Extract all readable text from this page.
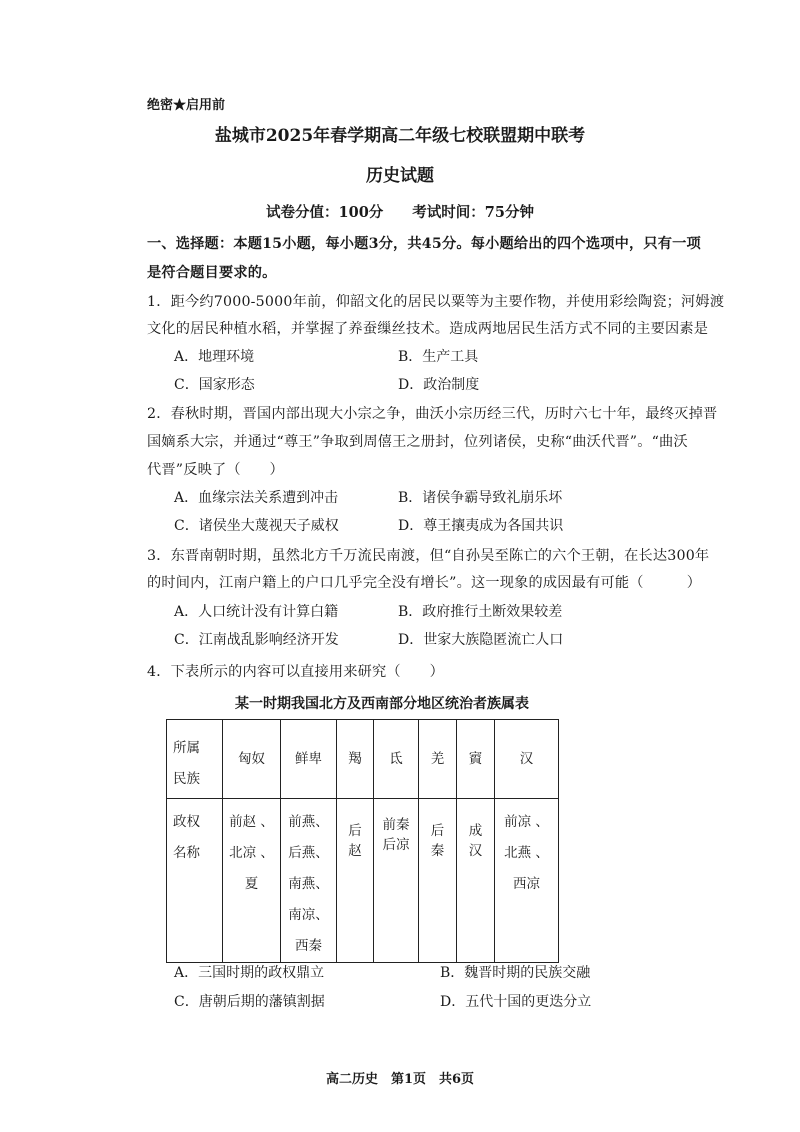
绝密★启用前
盐城市2025年春学期高二年级七校联盟期中联考
历史试题
试卷分值：100分　　考试时间：75分钟
一、选择题：本题15小题，每小题3分，共45分。每小题给出的四个选项中，只有一项
是符合题目要求的。
1．距今约7000-5000年前，仰韶文化的居民以粟等为主要作物，并使用彩绘陶瓷；河姆渡
文化的居民种植水稻，并掌握了养蚕缫丝技术。造成两地居民生活方式不同的主要因素是
A．地理环境	B．生产工具
C．国家形态	D．政治制度
2．春秋时期，晋国内部出现大小宗之争，曲沃小宗历经三代，历时六七十年，最终灭掉晋
国嫡系大宗，并通过“尊王”争取到周僖王之册封，位列诸侯，史称“曲沃代晋”。“曲沃
代晋”反映了（　　）
A．血缘宗法关系遭到冲击	B．诸侯争霸导致礼崩乐坏
C．诸侯坐大蔑视天子威权	D．尊王攘夷成为各国共识
3．东晋南朝时期，虽然北方千万流民南渡，但“自孙吴至陈亡的六个王朝，在长达300年
的时间内，江南户籍上的户口几乎完全没有增长”。这一现象的成因最有可能（　　　）
A．人口统计没有计算白籍	B．政府推行土断效果较差
C．江南战乱影响经济开发	D．世家大族隐匿流亡人口
4．下表所示的内容可以直接用来研究（　　）
某一时期我国北方及西南部分地区统治者族属表
所属
民族	匈奴	鲜卑	羯	氐	羌	賨	汉

政权
名称	前赵 、
北凉 、
夏	前燕、
后燕、
南燕、
南凉、
西秦	后
赵	前秦
后凉	后
秦	成
汉	前凉 、
北燕 、
西凉
A．三国时期的政权鼎立	B．魏晋时期的民族交融
C．唐朝后期的藩镇割据	D．五代十国的更迭分立
高二历史　第1页　共6页
